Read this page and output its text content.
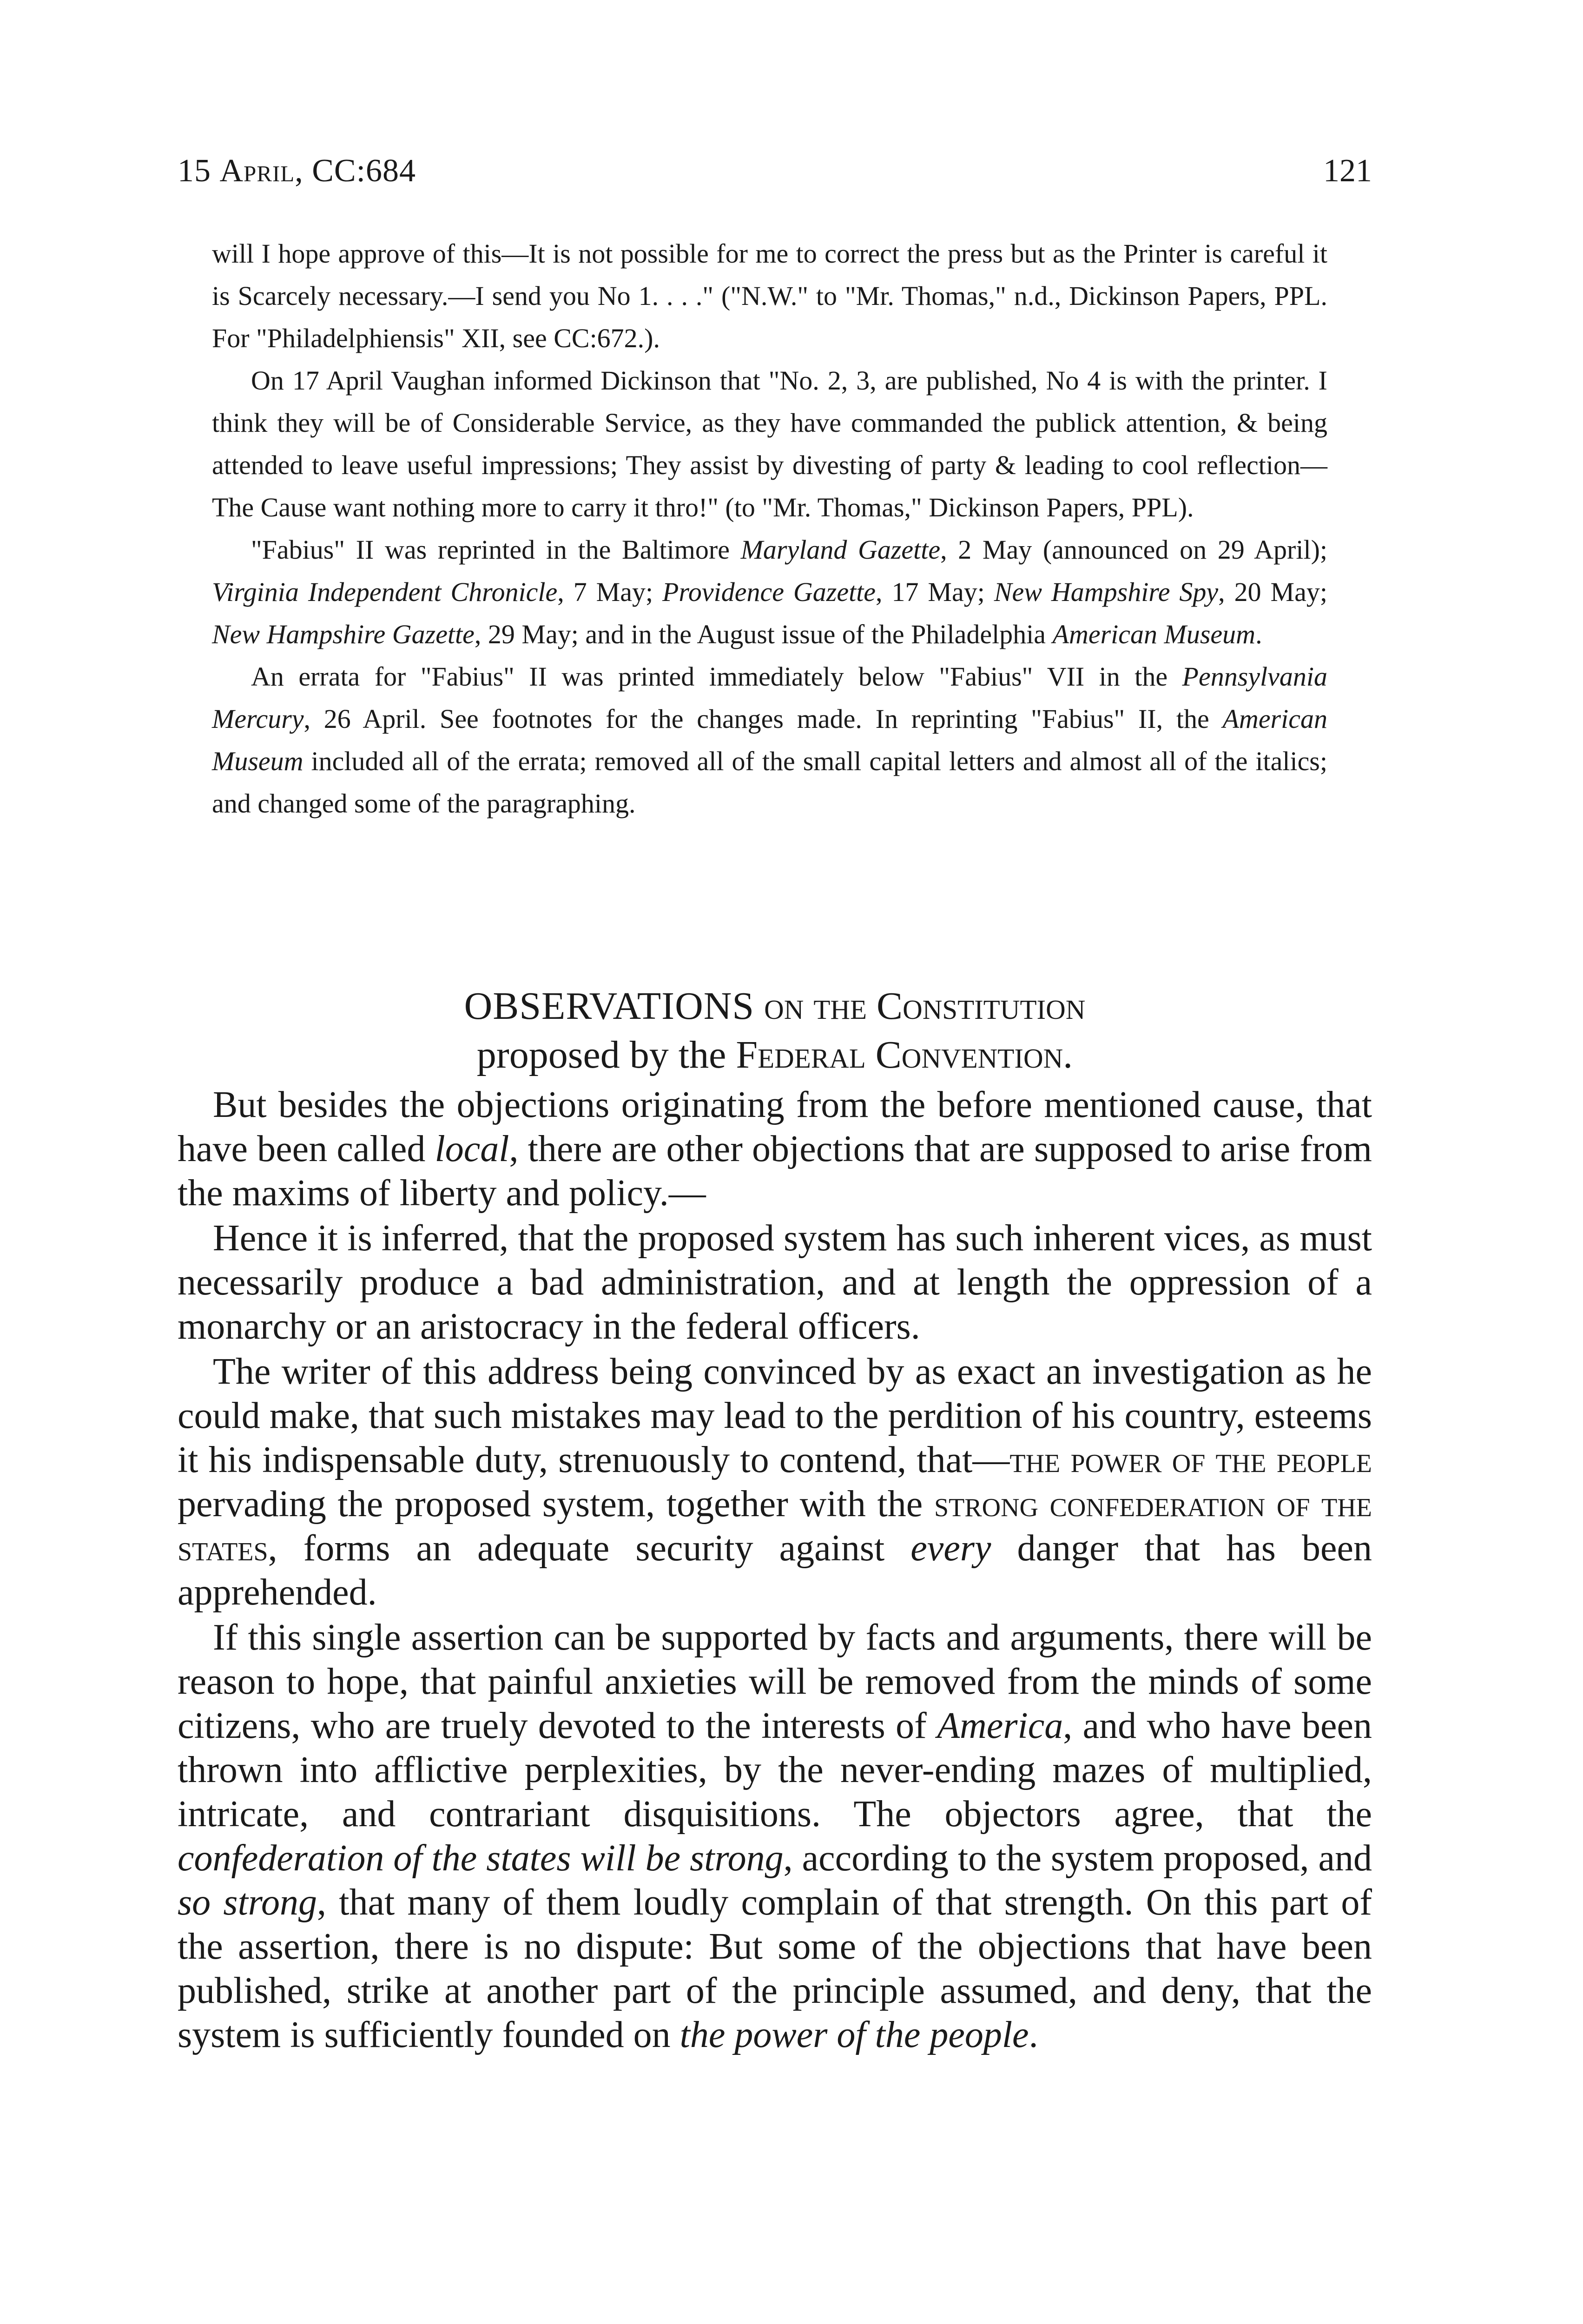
15 April, CC:684	121

will I hope approve of this—It is not possible for me to correct the press but as the Printer is careful it is Scarcely necessary.—I send you No 1. . . ." ("N.W." to "Mr. Thomas," n.d., Dickinson Papers, PPL. For "Philadelphiensis" XII, see CC:672.).

On 17 April Vaughan informed Dickinson that "No. 2, 3, are published, No 4 is with the printer. I think they will be of Considerable Service, as they have commanded the publick attention, & being attended to leave useful impressions; They assist by divesting of party & leading to cool reflection—The Cause want nothing more to carry it thro!" (to "Mr. Thomas," Dickinson Papers, PPL).

"Fabius" II was reprinted in the Baltimore Maryland Gazette, 2 May (announced on 29 April); Virginia Independent Chronicle, 7 May; Providence Gazette, 17 May; New Hampshire Spy, 20 May; New Hampshire Gazette, 29 May; and in the August issue of the Philadelphia American Museum.

An errata for "Fabius" II was printed immediately below "Fabius" VII in the Pennsylvania Mercury, 26 April. See footnotes for the changes made. In reprinting "Fabius" II, the American Museum included all of the errata; removed all of the small capital letters and almost all of the italics; and changed some of the paragraphing.

OBSERVATIONS on the Constitution
proposed by the Federal Convention.

But besides the objections originating from the before mentioned cause, that have been called local, there are other objections that are supposed to arise from the maxims of liberty and policy.—

Hence it is inferred, that the proposed system has such inherent vices, as must necessarily produce a bad administration, and at length the oppression of a monarchy or an aristocracy in the federal officers.

The writer of this address being convinced by as exact an investigation as he could make, that such mistakes may lead to the perdition of his country, esteems it his indispensable duty, strenuously to contend, that—the power of the people pervading the proposed system, together with the strong confederation of the states, forms an adequate security against every danger that has been apprehended.

If this single assertion can be supported by facts and arguments, there will be reason to hope, that painful anxieties will be removed from the minds of some citizens, who are truely devoted to the interests of America, and who have been thrown into afflictive perplexities, by the never-ending mazes of multiplied, intricate, and contrariant disquisitions. The objectors agree, that the confederation of the states will be strong, according to the system proposed, and so strong, that many of them loudly complain of that strength. On this part of the assertion, there is no dispute: But some of the objections that have been published, strike at another part of the principle assumed, and deny, that the system is sufficiently founded on the power of the people.
